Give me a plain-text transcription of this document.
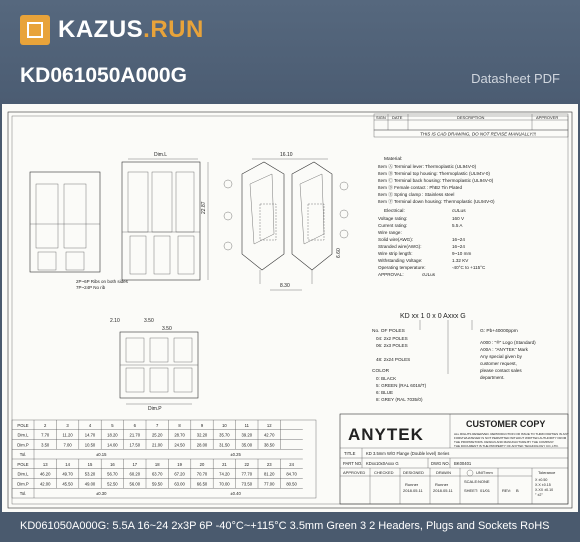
KAZUS.RUN
KD061050A000G	Datasheet PDF
SIGN DATE	DESCRIPTION	APPROVER
THIS IS CAD DRAWING, DO NOT REVISE MANUALLY!!!
Dim.L
22.87
2P~6P Ribs on both sides
7P~24P No rib
16.10
8.30
6.60
2.10	3.50
3.50
Dim.P
Material:
Item Ⓐ Terminal lever: Thermoplastic (UL94V-0)
Item Ⓑ Terminal top housing: Thermoplastic (UL94V-0)
Item Ⓒ Terminal back housing: Thermoplastic (UL94V-0)
Item Ⓓ Female contact : PhBz Tin Plated
Item Ⓔ Spring clamp : Stainless steel
Item Ⓕ Terminal down housing: Thermoplastic (UL94V-0)
Electrical:	cULus
Voltage rating:	160 V
Current rating:	5.5 A
Wire range:
Solid wire(AWG):	16~24
Stranded wire(AWG):	16~24
Wire strip length:	9~10 mm
Withstanding Voltage:	1.32 KV
Operating temperature:	-40°C to +115°C
APPROVAL:	cULus
KD xx 1 0 x 0 Axxx G
No. OF POLES
04: 2x2 POLES
06: 2x3 POLES
48: 2x24 POLES
G: Pb+40000ppm
A000 : "®" Logo (Standard)
A00A : "ANYTEK" Mark
Any special given by
customer request,
please contact sales
department.
COLOR
0: BLACK
5: GREEN (RAL 6018/T)
6: BLUE
8: GREY (RAL 7035/0)
POLE	2	3	4	5	6	7	8	9	10	11	12
Dim.L	7.70	11.20	14.70	18.20	21.70	25.20	28.70	32.20	35.70	39.20	42.70
Dim.P	3.50	7.00	10.50	14.00	17.50	21.00	24.50	28.00	31.50	35.00	38.50
Tol.	±0.15	±0.25
POLE	13	14	15	16	17	18	19	20	21	22	23	24
Dim.L	46.20	49.70	53.20	56.70	60.20	63.70	67.20	70.70	74.20	77.70	81.20	84.70
Dim.P	42.00	45.50	49.00	52.50	56.00	59.50	63.00	66.50	70.00	73.50	77.00	80.50
Tol.	±0.30	±0.40
ANYTEK
CUSTOMER COPY
ALL RIGHTS RESERVED. REPRODUCTION OR ISSUE TO THIRD PARTIES IN ANY
FORM WHATEVER IS NOT PERMITTED WITHOUT WRITTEN AUTHORITY FROM
THE PROPRIETORS. DESIGN AND MANUFACTURE BY THE COMPANY.
THE DOCUMENT IS THE PROPERTY OF ANYTEK TECHNOLOGY CO.,LTD.
TITLE	KD 3.5mm W/O Flange (Double level) Series
PART NO. KDxx10x0Axxx G	DWG NO. BK00401
APPROVED CHECKED DESIGNED	DRAWN
Runner
2018.05.11
Runner
2018.05.11
UNIT: mm
SCALE: NONE
SHEET: 01/01	REV: B
Tolerance
X ±0.50
X.X ±0.15
X.XX ±0.10
° ±2°
KD061050A000G: 5.5A 16~24 2x3P 6P -40°C~+115°C 3.5mm Green 3 2 Headers, Plugs and Sockets RoHS
